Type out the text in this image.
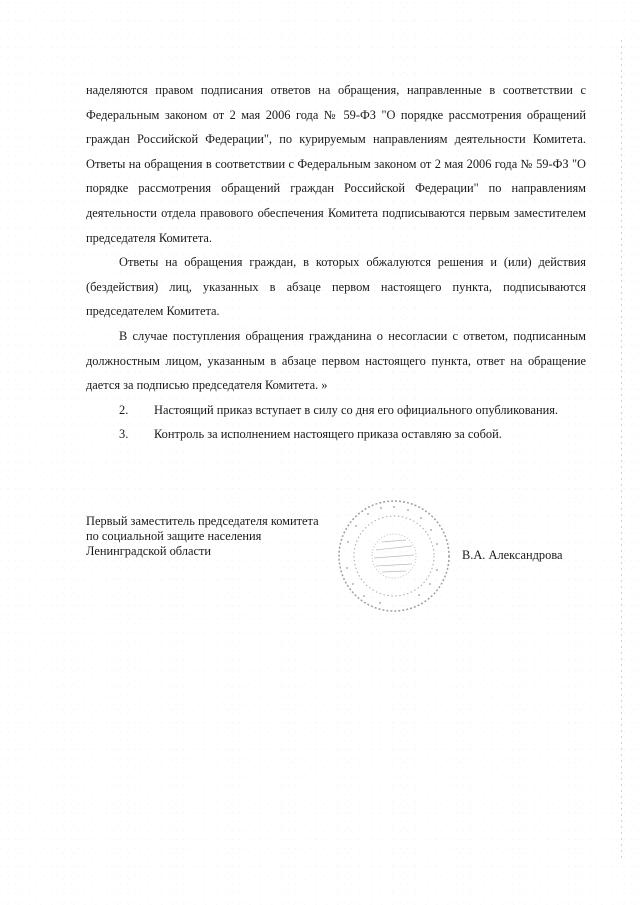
наделяются правом подписания ответов на обращения, направленные в соответствии с Федеральным законом от 2 мая 2006 года № 59-ФЗ "О порядке рассмотрения обращений граждан Российской Федерации", по курируемым направлениям деятельности Комитета. Ответы на обращения в соответствии с Федеральным законом от 2 мая 2006 года № 59-ФЗ "О порядке рассмотрения обращений граждан Российской Федерации" по направлениям деятельности отдела правового обеспечения Комитета подписываются первым заместителем председателя Комитета.

Ответы на обращения граждан, в которых обжалуются решения и (или) действия (бездействия) лиц, указанных в абзаце первом настоящего пункта, подписываются председателем Комитета.

В случае поступления обращения гражданина о несогласии с ответом, подписанным должностным лицом, указанным в абзаце первом настоящего пункта, ответ на обращение дается за подписью председателя Комитета. »

2.	Настоящий приказ вступает в силу со дня его официального опубликования.
3.	Контроль за исполнением настоящего приказа оставляю за собой.
Первый заместитель председателя комитета
по социальной защите населения
Ленинградской области	В.А. Александрова
